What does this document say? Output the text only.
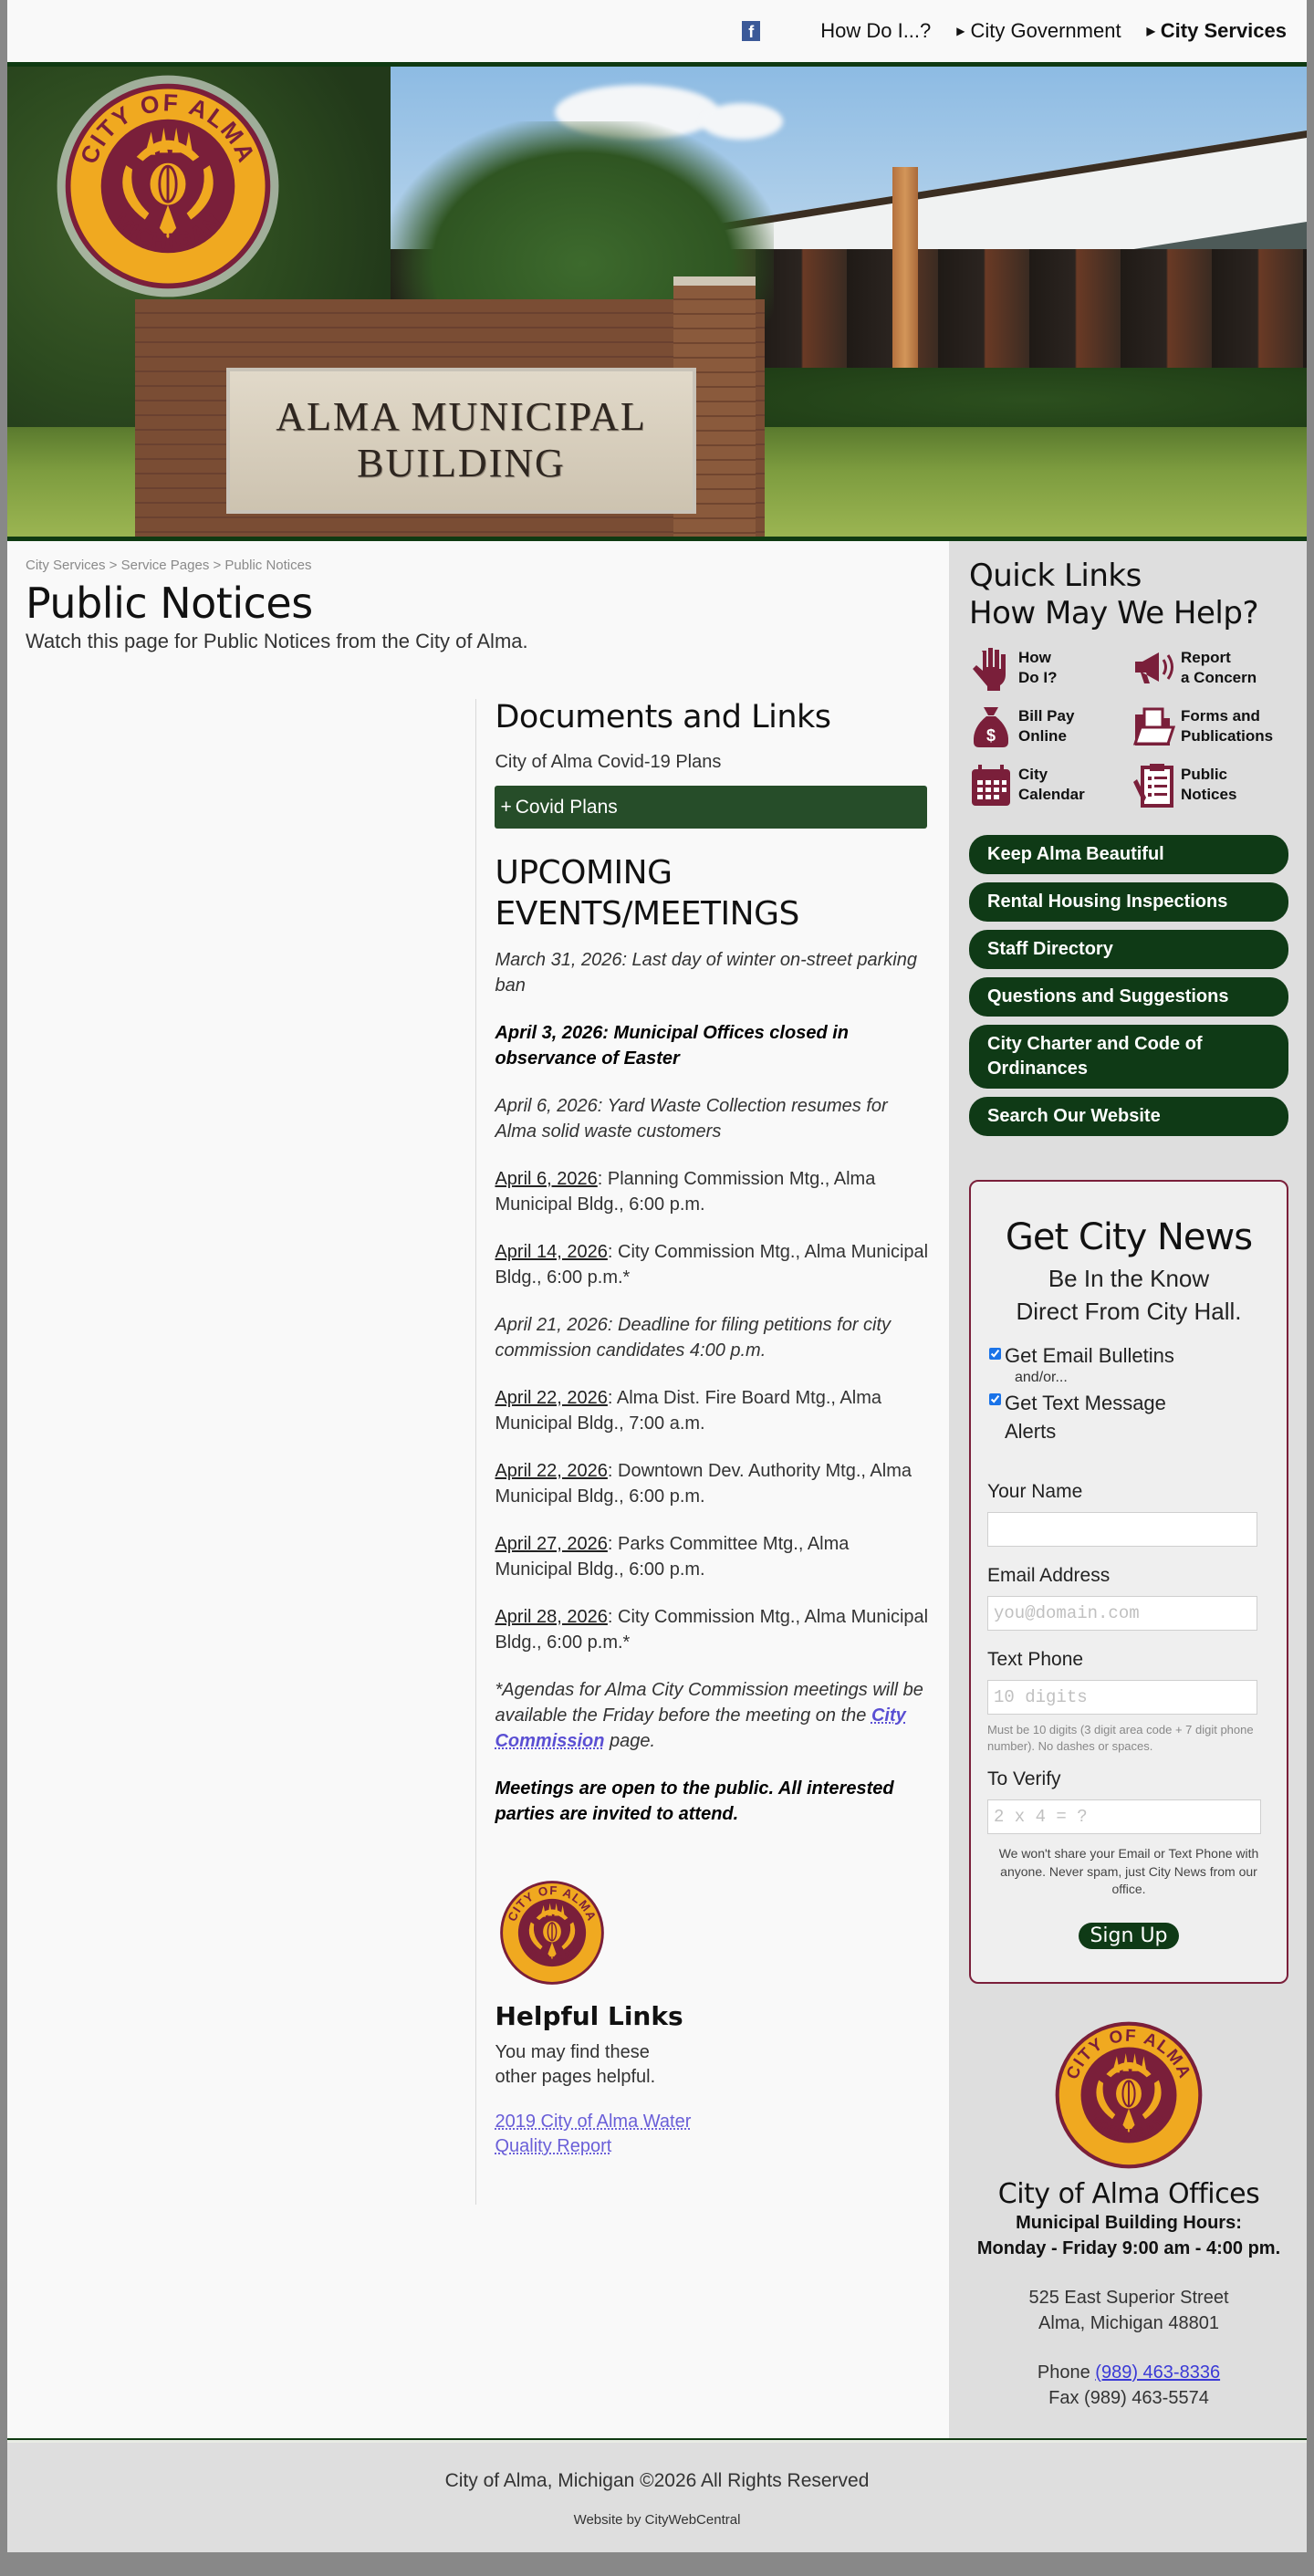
f	How Do I...? ▶ City Government ▶ City Services
ALMA MUNICIPAL
BUILDING
CITY OF ALMA
MICHIGAN
City Services > Service Pages > Public Notices
Public Notices

Watch this page for Public Notices from the City of Alma.

Documents and Links
City of Alma Covid-19 Plans
+ Covid Plans
UPCOMING EVENTS/MEETINGS

March 31, 2026: Last day of winter on-street parking ban

April 3, 2026: Municipal Offices closed in observance of Easter

April 6, 2026: Yard Waste Collection resumes for Alma solid waste customers

April 6, 2026: Planning Commission Mtg., Alma Municipal Bldg., 6:00 p.m.

April 14, 2026: City Commission Mtg., Alma Municipal Bldg., 6:00 p.m.*

April 21, 2026: Deadline for filing petitions for city commission candidates 4:00 p.m.

April 22, 2026: Alma Dist. Fire Board Mtg., Alma Municipal Bldg., 7:00 a.m.

April 22, 2026: Downtown Dev. Authority Mtg., Alma Municipal Bldg., 6:00 p.m.

April 27, 2026: Parks Committee Mtg., Alma Municipal Bldg., 6:00 p.m.

April 28, 2026: City Commission Mtg., Alma Municipal Bldg., 6:00 p.m.*

*Agendas for Alma City Commission meetings will be available the Friday before the meeting on the City Commission page.

Meetings are open to the public. All interested parties are invited to attend.

CITY OF ALMA
MICHIGAN
Helpful Links

You may find these other pages helpful.

2019 City of Alma Water Quality Report
Quick Links
How May We Help?
How
Do I?
Report
a Concern
$
Bill Pay
Online
Forms and
Publications
City
Calendar
Public
Notices
Keep Alma Beautiful
Rental Housing Inspections
Staff Directory
Questions and Suggestions
City Charter and Code of Ordinances
Search Our Website
Get City News
Be In the Know
Direct From City Hall.
Get Email Bulletins
and/or...
Get Text Message Alerts
Your Name
Email Address
you@domain.com
Text Phone
10 digits
Must be 10 digits (3 digit area code + 7 digit phone number). No dashes or spaces.
To Verify
2 x 4 = ?
We won't share your Email or Text Phone with anyone. Never spam, just City News from our office.
Sign Up
CITY OF ALMA
MICHIGAN
City of Alma Offices
Municipal Building Hours:
Monday - Friday 9:00 am - 4:00 pm.
525 East Superior Street
Alma, Michigan 48801
Phone (989) 463-8336
Fax (989) 463-5574
City of Alma, Michigan ©2026 All Rights Reserved
Website by CityWebCentral
